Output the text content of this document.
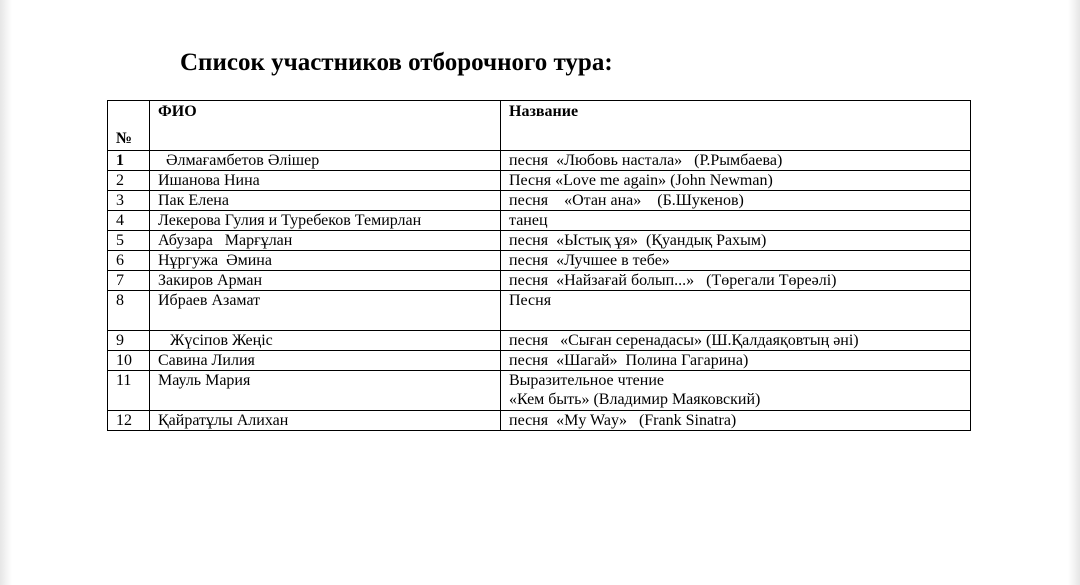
Список участников отборочного тура:
№	ФИО	Название
1	Әлмағамбетов Әлішер	песня  «Любовь настала»   (Р.Рымбаева)
2	Ишанова Нина	Песня «Love me again» (John Newman)
3	Пак Елена	песня    «Отан ана»    (Б.Шукенов)
4	Лекерова Гулия и Туребеков Темирлан	танец
5	Абузара   Марғұлан	песня  «Ыстық ұя»  (Қуандық Рахым)
6	Нұргужа  Әмина	песня  «Лучшее в тебе»
7	Закиров Арман	песня  «Найзағай болып...»   (Төрегали Төреәлі)
8	Ибраев Азамат	Песня
9	Жүсіпов Жеңіс	песня   «Сыған серенадасы» (Ш.Қалдаяқовтың әні)
10	Савина Лилия	песня  «Шагай»  Полина Гагарина)
11	Мауль Мария	Выразительное чтение
«Кем быть» (Владимир Маяковский)

12	Қайратұлы Алихан	песня  «My Way»   (Frank Sinatra)
